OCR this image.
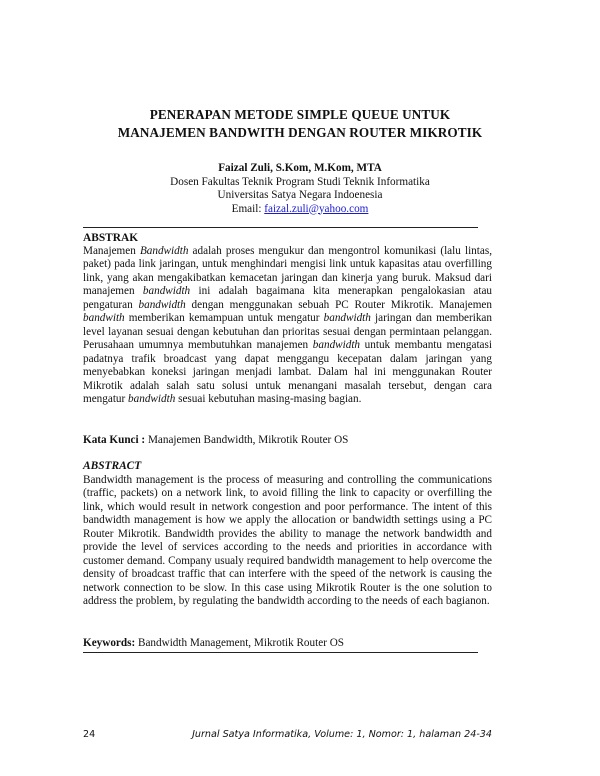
PENERAPAN METODE SIMPLE QUEUE UNTUK
MANAJEMEN BANDWITH DENGAN ROUTER MIKROTIK
Faizal Zuli, S.Kom, M.Kom, MTA
Dosen Fakultas Teknik Program Studi Teknik Informatika
Universitas Satya Negara Indoenesia
Email: faizal.zuli@yahoo.com
ABSTRAK
Manajemen Bandwidth adalah proses mengukur dan mengontrol komunikasi (lalu lintas, paket) pada link jaringan, untuk menghindari mengisi link untuk kapasitas atau overfilling link, yang akan mengakibatkan kemacetan jaringan dan kinerja yang buruk. Maksud dari manajemen bandwidth ini adalah bagaimana kita menerapkan pengalokasian atau pengaturan bandwidth dengan menggunakan sebuah PC Router Mikrotik. Manajemen bandwith memberikan kemampuan untuk mengatur bandwidth jaringan dan memberikan level layanan sesuai dengan kebutuhan dan prioritas sesuai dengan permintaan pelanggan. Perusahaan umumnya membutuhkan manajemen bandwidth untuk membantu mengatasi padatnya trafik broadcast yang dapat menggangu kecepatan dalam jaringan yang menyebabkan koneksi jaringan menjadi lambat. Dalam hal ini menggunakan Router Mikrotik adalah salah satu solusi untuk menangani masalah tersebut, dengan cara mengatur bandwidth sesuai kebutuhan masing-masing bagian.
Kata Kunci : Manajemen Bandwidth, Mikrotik Router OS
ABSTRACT
Bandwidth management is the process of measuring and controlling the communications (traffic, packets) on a network link, to avoid filling the link to capacity or overfilling the link, which would result in network congestion and poor performance. The intent of this bandwidth management is how we apply the allocation or bandwidth settings using a PC Router Mikrotik. Bandwidth provides the ability to manage the network bandwidth and provide the level of services according to the needs and priorities in accordance with customer demand. Company usualy required bandwidth management to help overcome the density of broadcast traffic that can interfere with the speed of the network is causing the network connection to be slow. In this case using Mikrotik Router is the one solution to address the problem, by regulating the bandwidth according to the needs of each bagianon.
Keywords: Bandwidth Management, Mikrotik Router OS
24	Jurnal Satya Informatika, Volume: 1, Nomor: 1, halaman 24-34
